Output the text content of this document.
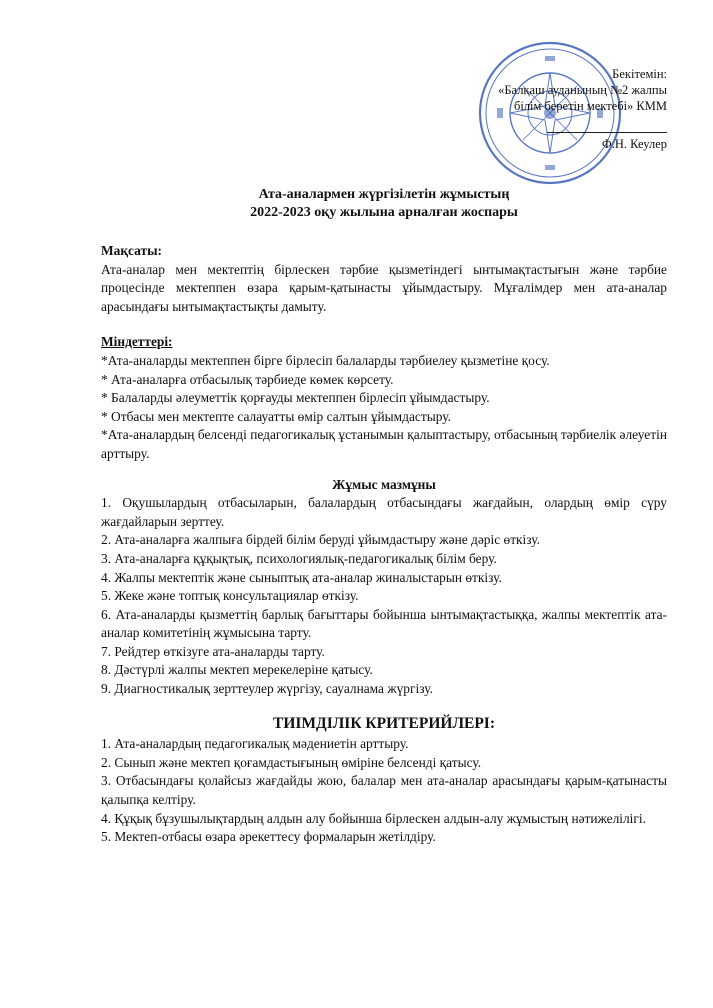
Бекітемін:
«Балқаш ауданының №2 жалпы
білім беретін мектебі» КММ
Ф.Н. Кеулер
Ата-аналармен жүргізілетін жұмыстың
2022-2023 оқу жылына арналған жоспары
Мақсаты:
Ата-аналар мен мектептің бірлескен тәрбие қызметіндегі ынтымақтастығын және тәрбие процесінде мектеппен өзара қарым-қатынасты ұйымдастыру. Мұғалімдер мен ата-аналар арасындағы ынтымақтастықты дамыту.
Міндеттері:
*Ата-аналарды мектеппен бірге бірлесіп балаларды тәрбиелеу қызметіне қосу.
* Ата-аналарға отбасылық тәрбиеде көмек көрсету.
* Балаларды әлеуметтік қорғауды мектеппен бірлесіп ұйымдастыру.
* Отбасы мен мектепте салауатты өмір салтын ұйымдастыру.
*Ата-аналардың белсенді педагогикалық ұстанымын қалыптастыру, отбасының тәрбиелік әлеуетін арттыру.
Жұмыс мазмұны
1. Оқушылардың отбасыларын, балалардың отбасындағы жағдайын, олардың өмір сүру жағдайларын зерттеу.
2. Ата-аналарға жалпыға бірдей білім беруді ұйымдастыру және дәріс өткізу.
3. Ата-аналарға құқықтық, психологиялық-педагогикалық білім беру.
4. Жалпы мектептік және сыныптық ата-аналар жиналыстарын өткізу.
5. Жеке және топтық консультациялар өткізу.
6. Ата-аналарды қызметтің барлық бағыттары бойынша ынтымақтастыққа, жалпы мектептік ата-аналар комитетінің жұмысына тарту.
7. Рейдтер өткізуге ата-аналарды тарту.
8. Дәстүрлі жалпы мектеп мерекелеріне қатысу.
9. Диагностикалық зерттеулер жүргізу, сауалнама жүргізу.
ТИІМДІЛІК КРИТЕРИЙЛЕРІ:
1. Ата-аналардың педагогикалық мәдениетін арттыру.
2. Сынып және мектеп қоғамдастығының өміріне белсенді қатысу.
3. Отбасындағы қолайсыз жағдайды жою, балалар мен ата-аналар арасындағы қарым-қатынасты қалыпқа келтіру.
4. Құқық бұзушылықтардың алдын алу бойынша бірлескен алдын-алу жұмыстың нәтижелілігі.
5. Мектеп-отбасы өзара әрекеттесу формаларын жетілдіру.
